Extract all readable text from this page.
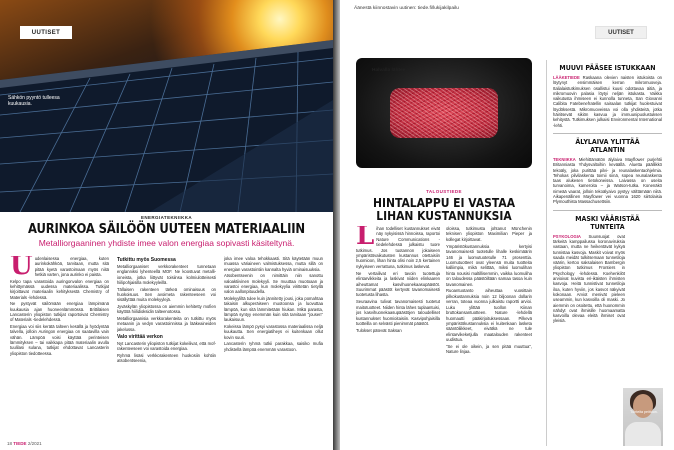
UUTISET
Sähkön pyyntö tulleesa kuukausia.
ENERGIATEKNIIKKA
AURINKOA SÄILÖÖN UUTEEN MATERIAALIIN
Metalliorgaaninen yhdiste imee valon energiaa sopivasti käsiteltynä.
U udenlaisessa energiaa, kuten aurinkokähköä, tarvitaan, mutta sitä pitää kyetä varastoimaan myös niitä hetkiä varten, jona aurinko ei paista.

Kelpo tapa varastoida auringonvalon energiaa on kehittymässä uudessa materiaalissa. Tutkijat kirjoittavat materiaalin kehityksestä Chemistry of Materials -lehdessä.

Ne pystyvät säilömään energiaa lämpimänä kuukausia ajan huoneenlämmössä. Brittiläisen Lancasterin yliopiston tutkijat raportoivat Chemistry of Materials -tiedelehdessä.

Energiaa voi siis kerätä talteen kesällä ja hyödyntää talvella, jolloin Auringon energiaa on saatavilla vain vähän. Lämpöä voisi käyttää perinteisen lämmityksen – tai vaikkapa pitää materiaalin avulla tuulilasi sulana, tutkijat ehdottavat Lancasterin yliopiston tiedotteessa.

Tutkittu myös Suomessa

Metalliorgaaniset verkkorakenteet tunnetaan englanniksi lyhenteellä MOF. Ne koostuvat metalli-ioneista, jotka liittyvät toisiinsa kolmiulotteisesti hiilipohjaisilla molekyyleillä.

Tällaisen rakenteen tärkeä ominaisuus on huokoisuus. Sen avoimeta rakenteeseen voi sisällyttää muita molekyylejä.

Jyväskylän yliopistossa on aiemmin kehitetty mofien käyttöä hiilidioksidin talteenotossa.

Metalliorgaanisia verkkorakenteita on tutkittu myös metaanin ja vedyn varastoinnissa ja lääkeaineiden jakelussa.

Valo virittää verkon

Nyt Lancasterin yliopiston tutkijat kokeilivat, että mof-rakenteeseen voi varastoida energiaa.

Ryhmä lisäsi verkkorakenteen huokosiin kohtiin atsobentseenia,

joka imee valoa tehokkaasti. Sitä käytetään muun muassa väriaineen valmistuksessa, mutta sillä on energian varastointiin kannalta hyviä ominaisuuksia.

Atsobentseenin on nimittäin niin sanottu valoaktiivinen molekyyli. Se muuttaa muotoaan ja varastoi energiaa, kun molekyylia virittetän tietyllä valon aallonpituudella.

Molekyyliltä tulee kuin jännitetty jousi, joka pomahtaa takaisin alkuperäiseen muotoonsa ja luovuttaa lämpöä, kun sitä lämmitetään hiukan. Mikä parasta, lämpöä syntyy enemmän kuin sitä tarvitaan "jousen" laukaisuun.

Kokeissa lämpö pysyi varastossa materiaalissa neljä kuukautta. Sen energiatiheys ei kuitenkaan ollut kovin suuri.

Lancasterin ryhmä tutkii parakkaa, saisiko mufia yhdistellä lämpöä enemmän varastoon.

18 TIEDE 2/2021
Äänestä kiinnostavin uutinen: tiede.fi/lukijakilpailu
UUTISET
Halvalla lähtee.
TALOUSTIEDE
HINTALAPPU EI VASTAA LIHAN KUSTANNUKSIA
L ihan todelliset kustannukset eivät näy nykyisissä hinnoissa, raportoi Nature Communications -tiedelehdessä julkaistu tuore tutkimus. Jos tuotannon jokaiseen ympäristövaikutusten kustannus otettaisiin huomioon, lihan hinta olisi noin 2,5 kertainen nykyiseen verrattuna, tutkimus laskevat.

Ne vertailivat eri tavoin tuotettuja elintarvikkeita ja laskivat niiden elinkaaren aiheuttamat kasvihuonekaasupäästöt. Suurimmat päästöt kertyvät tavanomaisesti tuotetusta lihasta.

Seuraavina tulivat tavanomaisesti tuotetut maitotuotteet. Niiden hinta lähes tuplaantuisi, jos kasvihuonekaasupäästöjen taloudelliset kustannukset huomioitaisiin. Kasvipohjaisilla tuotteilla on selvästi pienimmät päästöt.

Tulokset pätevät Saksan

oloissa, tutkimusta johtanut Münchenin teknisen yliopiston Maximilian Pieper ja kollegat kirjoittavat.

Ympäristökustannuksia kertyisi tavanomaisesti tuotetulle lihalle keskimäärin 146 ja luomutuotetulle 71 prosenttia. Luomutuotteet ovat yleensä muita tuotteita kalliimpia, mikä selittää, miksi luomulihan hinta nousisi maltillisemmin, vaikka luomuliha on taloudessa päästöiltään samaa tasoa kuin tavanomainen.

Ruoantuotanto aiheuttaa vuosittain pilkokustannuksia noin 12 biljoonan dollarin verran, toteaa vuonna julkaistu raportti arvioi. Luku ylittää tuollon Kiinan bruttokansantuotteen. Nature -lehdellä huomautti pääkirjoituksessaan. Pilkevä ympäristökustannuksia ei kuitenkaan lasketa sääntöliikkeet, eivätkä ne tule elintarvikeketjulla maatalouden rakenteet uudistua.

"Se ei ole oikein, ja sen pitää muuttua", Nature linjaa.

MUUVI PÄÄSEE ISTUKKAAN
LÄÄKETIEDE Raskaana olevien naisten istukoista on löytynyt ensimmäisen kerran mikromuoveja. Italialaistutkimuksen osallistui kuusi odottavaa äitiä, ja mikromuovin palasia löytyi neljän istukasta. Vaikka vaikutusta ihmiseen ei kunnolla tunneta, San Giovanni Calibita Fatebenefratellin sairaalan tutkijat huolestuivat löydöksestä. Mikromuoveissa voi olla yhdisteitä, jotka häiritsevät sikiön kasvua ja immuunipuolustuksen kehitystä. Tutkimuksen julkaisi Environmental International -lehti.
ÄLYLAIVA YLITTÄÄ ATLANTIN
TEKNIIKKA Miehittämätön älylaiva Mayflower purjehtii Britanniasta Yhdysvaltoihin keväällä. Aluetta päällikkö tekoäly, joka purittää pilvi- ja reunalaskentaohjelmia. Tehokas pilvilaskenta toimii siinä, sopea reunalaskenta taas alukesen tietokoneissa. Laivassa on useita turvanoima, kameroita – ja Watson-tutka. Konenäkö nimeää vaarat, jolloin tekoälyaivo pystyy välttämään niitä. Aikapenällinen Mayflower vei vuonna 1620 siirtolaisia Plymouthista Massachusettsiin.
MASKI VÄÄRISTÄÄ TUNTEITA
PSYKOLOGIA Suunsuojat ovat tärkeitä kamppailussa koronaviruksia vastaan, mutta ne heikentävät kykyä tunnistaa kasvoja. Maskit voivat myös saada meidät tulkitsemaan tunnetiloja väärin, kertoo saksalaisen Bambergin yliopiston tutkimus Frontiers in Psychology -lehdessä. Koehenkilöt arvioivat kuvista eri-ikäisten ihmisten kasvoja. Heitä tunnistivat tunnetiloja iloa, kuten hyviin, jos kasvot näkyivät kokonaan. Arviot menivät pieleen useammin, kun kasvoilla oli maski. Jo aiemmin on osoitettu, että huonommin nähdyt ovat ihmisille huomaamatta kasvoilla olevaa eleitä ihmiset ovat yleisiä.
Tunteita peittoon.
